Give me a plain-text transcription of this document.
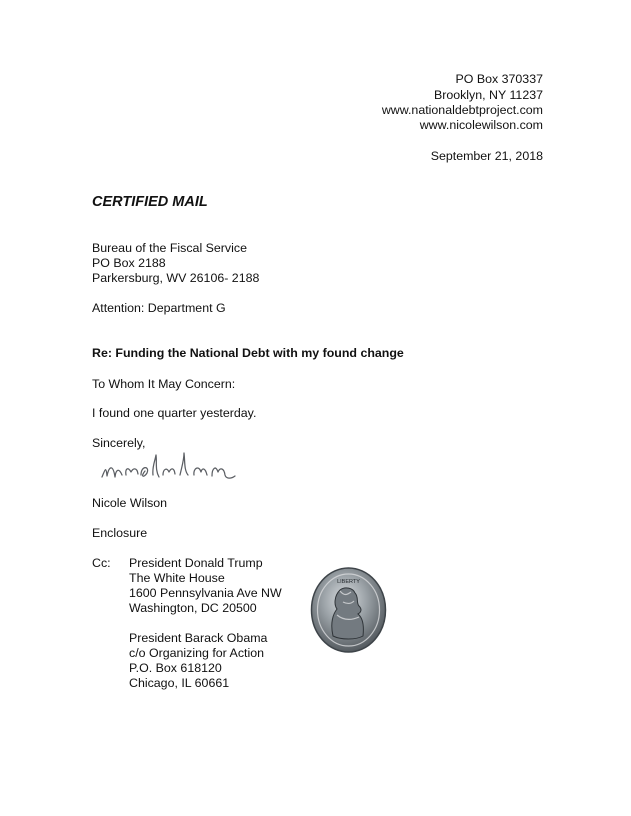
PO Box 370337
Brooklyn, NY 11237
www.nationaldebtproject.com
www.nicolewilson.com
September 21, 2018
CERTIFIED MAIL
Bureau of the Fiscal Service
PO Box 2188
Parkersburg, WV 26106- 2188
Attention: Department G
Re: Funding the National Debt with my found change
To Whom It May Concern:
I found one quarter yesterday.
Sincerely,
Nicole Wilson
Enclosure
Cc: President Donald Trump
The White House
1600 Pennsylvania Ave NW
Washington, DC 20500
President Barack Obama
c/o Organizing for Action
P.O. Box 618120
Chicago, IL 60661
LIBERTY
